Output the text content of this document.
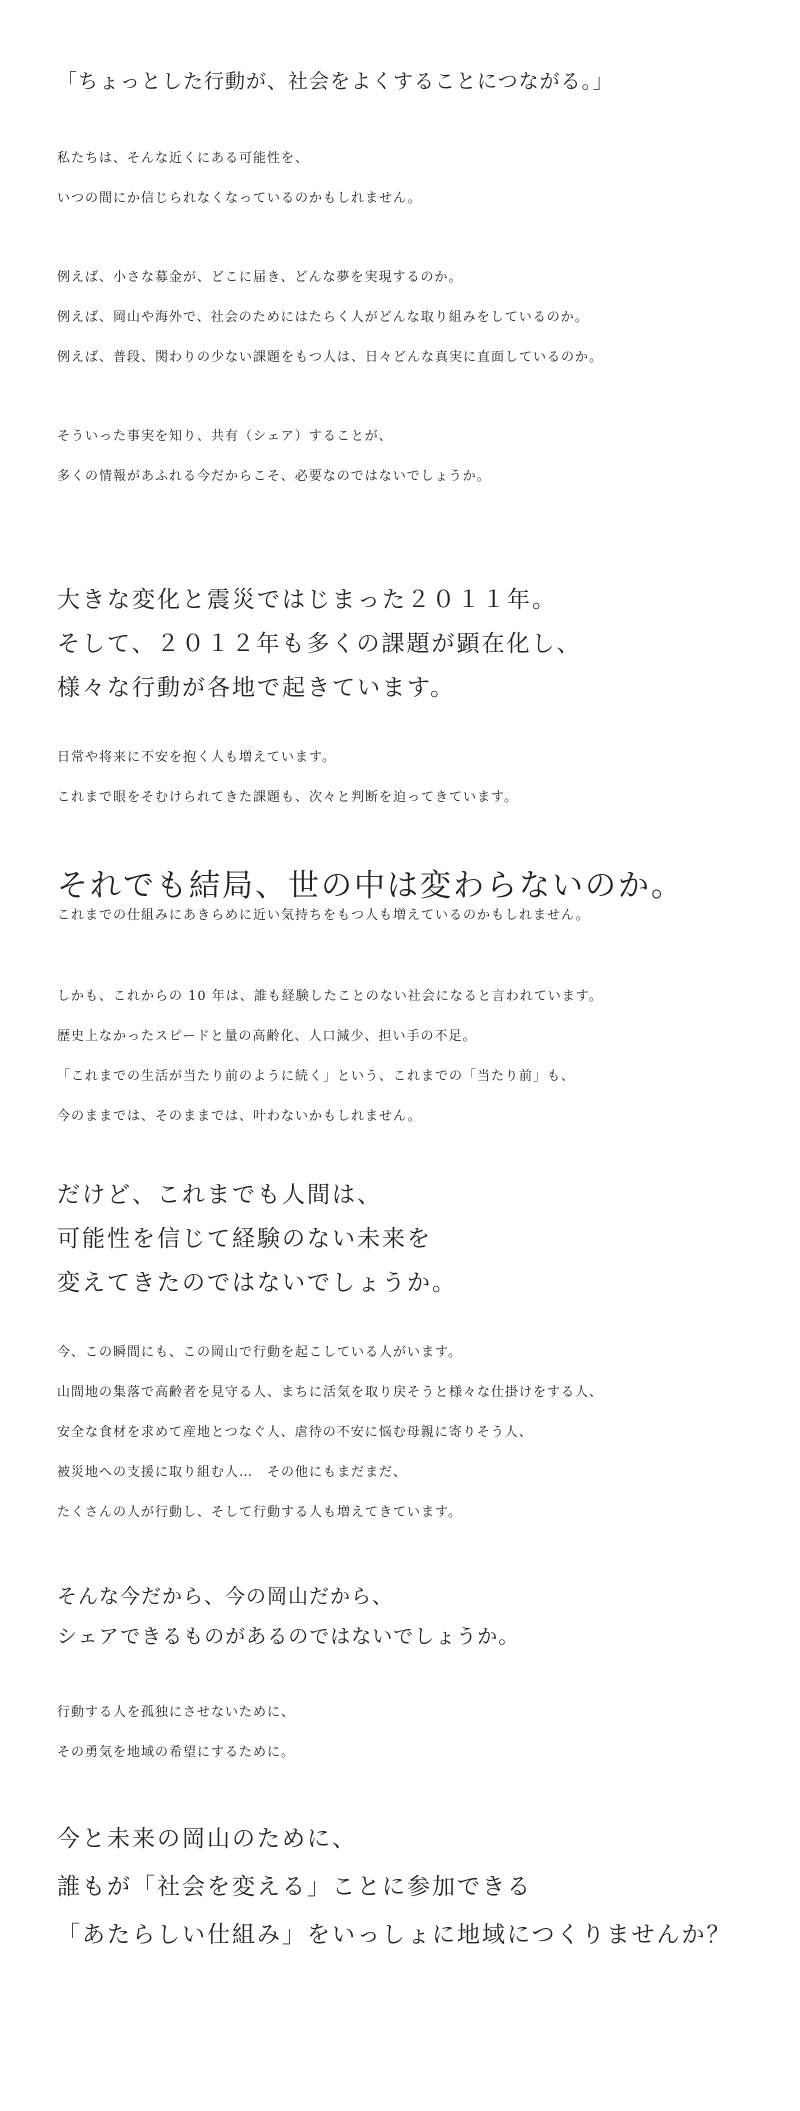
「ちょっとした行動が、社会をよくすることにつながる。」
私たちは、そんな近くにある可能性を、
いつの間にか信じられなくなっているのかもしれません。
例えば、小さな募金が、どこに届き、どんな夢を実現するのか。
例えば、岡山や海外で、社会のためにはたらく人がどんな取り組みをしているのか。
例えば、普段、関わりの少ない課題をもつ人は、日々どんな真実に直面しているのか。
そういった事実を知り、共有（シェア）することが、
多くの情報があふれる今だからこそ、必要なのではないでしょうか。
大きな変化と震災ではじまった２０１１年。
そして、２０１２年も多くの課題が顕在化し、
様々な行動が各地で起きています。
日常や将来に不安を抱く人も増えています。
これまで眼をそむけられてきた課題も、次々と判断を迫ってきています。
それでも結局、世の中は変わらないのか。
これまでの仕組みにあきらめに近い気持ちをもつ人も増えているのかもしれません。
しかも、これからの 10 年は、誰も経験したことのない社会になると言われています。
歴史上なかったスピードと量の高齢化、人口減少、担い手の不足。
「これまでの生活が当たり前のように続く」という、これまでの「当たり前」も、
今のままでは、そのままでは、叶わないかもしれません。
だけど、これまでも人間は、
可能性を信じて経験のない未来を
変えてきたのではないでしょうか。
今、この瞬間にも、この岡山で行動を起こしている人がいます。
山間地の集落で高齢者を見守る人、まちに活気を取り戻そうと様々な仕掛けをする人、
安全な食材を求めて産地とつなぐ人、虐待の不安に悩む母親に寄りそう人、
被災地への支援に取り組む人…　その他にもまだまだ、
たくさんの人が行動し、そして行動する人も増えてきています。
そんな今だから、今の岡山だから、
シェアできるものがあるのではないでしょうか。
行動する人を孤独にさせないために、
その勇気を地域の希望にするために。
今と未来の岡山のために、
誰もが「社会を変える」ことに参加できる
「あたらしい仕組み」をいっしょに地域につくりませんか？
